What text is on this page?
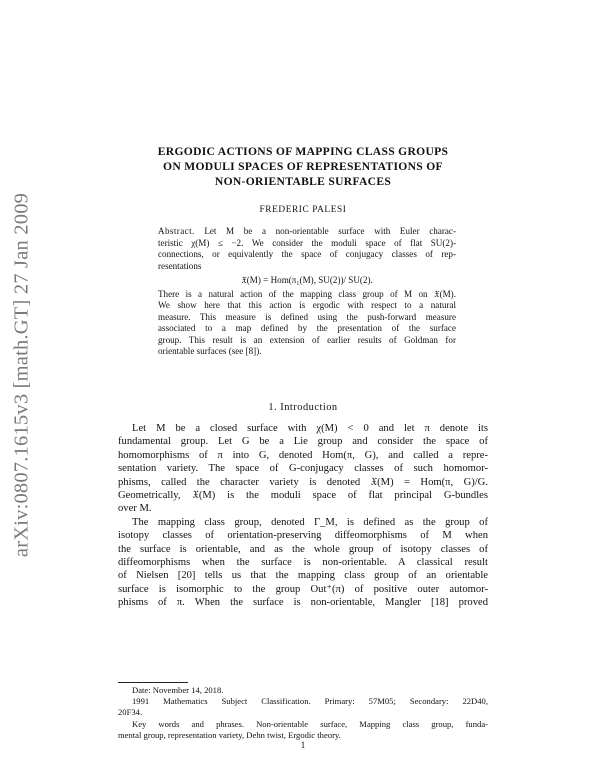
arXiv:0807.1615v3 [math.GT] 27 Jan 2009
ERGODIC ACTIONS OF MAPPING CLASS GROUPS
ON MODULI SPACES OF REPRESENTATIONS OF
NON-ORIENTABLE SURFACES
FREDERIC PALESI
Abstract. Let M be a non-orientable surface with Euler charac-
teristic χ(M) ≤ −2. We consider the moduli space of flat SU(2)-
connections, or equivalently the space of conjugacy classes of rep-
resentations
𝔛(M) = Hom(π₁(M), SU(2))/ SU(2).
There is a natural action of the mapping class group of M on 𝔛(M).
We show here that this action is ergodic with respect to a natural
measure. This measure is defined using the push-forward measure
associated to a map defined by the presentation of the surface
group. This result is an extension of earlier results of Goldman for
orientable surfaces (see [8]).
1. Introduction
Let M be a closed surface with χ(M) < 0 and let π denote its
fundamental group. Let G be a Lie group and consider the space of
homomorphisms of π into G, denoted Hom(π, G), and called a repre-
sentation variety. The space of G-conjugacy classes of such homomor-
phisms, called the character variety is denoted 𝔛(M) = Hom(π, G)/G.
Geometrically, 𝔛(M) is the moduli space of flat principal G-bundles
over M.
The mapping class group, denoted Γ_M, is defined as the group of
isotopy classes of orientation-preserving diffeomorphisms of M when
the surface is orientable, and as the whole group of isotopy classes of
diffeomorphisms when the surface is non-orientable. A classical result
of Nielsen [20] tells us that the mapping class group of an orientable
surface is isomorphic to the group Out⁺(π) of positive outer automor-
phisms of π. When the surface is non-orientable, Mangler [18] proved
Date: November 14, 2018.
1991 Mathematics Subject Classification. Primary: 57M05; Secondary: 22D40,
20F34.
Key words and phrases. Non-orientable surface, Mapping class group, funda-
mental group, representation variety, Dehn twist, Ergodic theory.
1
